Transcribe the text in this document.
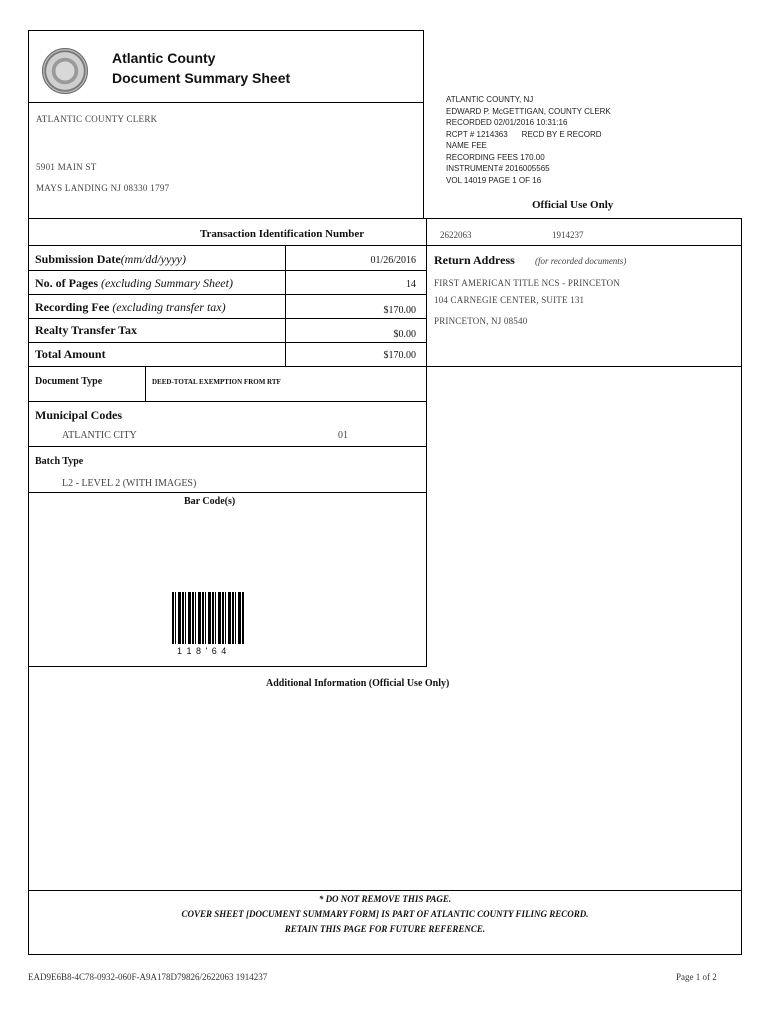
Atlantic County
Document Summary Sheet
ATLANTIC COUNTY CLERK
5901 MAIN ST
MAYS LANDING NJ 08330 1797
ATLANTIC COUNTY, NJ
EDWARD P. McGETTIGAN, COUNTY CLERK
RECORDED 02/01/2016 10:31:16
RCPT # 1214363 RECD BY E RECORD
NAME FEE
RECORDING FEES 170.00
INSTRUMENT# 2016005565
VOL 14019 PAGE 1 OF 16
Official Use Only
Transaction Identification Number	2622063	1914237
Submission Date(mm/dd/yyyy)	01/26/2016
No. of Pages (excluding Summary Sheet)	14
Recording Fee (excluding transfer tax)	$170.00
Realty Transfer Tax	$0.00
Total Amount	$170.00
Return Address (for recorded documents)
FIRST AMERICAN TITLE NCS - PRINCETON
104 CARNEGIE CENTER, SUITE 131
PRINCETON, NJ 08540
Document Type	DEED-TOTAL EXEMPTION FROM RTF
Municipal Codes
ATLANTIC CITY	01
Batch Type
L2 - LEVEL 2 (WITH IMAGES)
Bar Code(s)
1 1 8 ' 6 4
Additional Information (Official Use Only)
* DO NOT REMOVE THIS PAGE.
COVER SHEET [DOCUMENT SUMMARY FORM] IS PART OF ATLANTIC COUNTY FILING RECORD.
RETAIN THIS PAGE FOR FUTURE REFERENCE.
EAD9E6B8-4C78-0932-060F-A9A178D79826/2622063 1914237	Page 1 of 2
